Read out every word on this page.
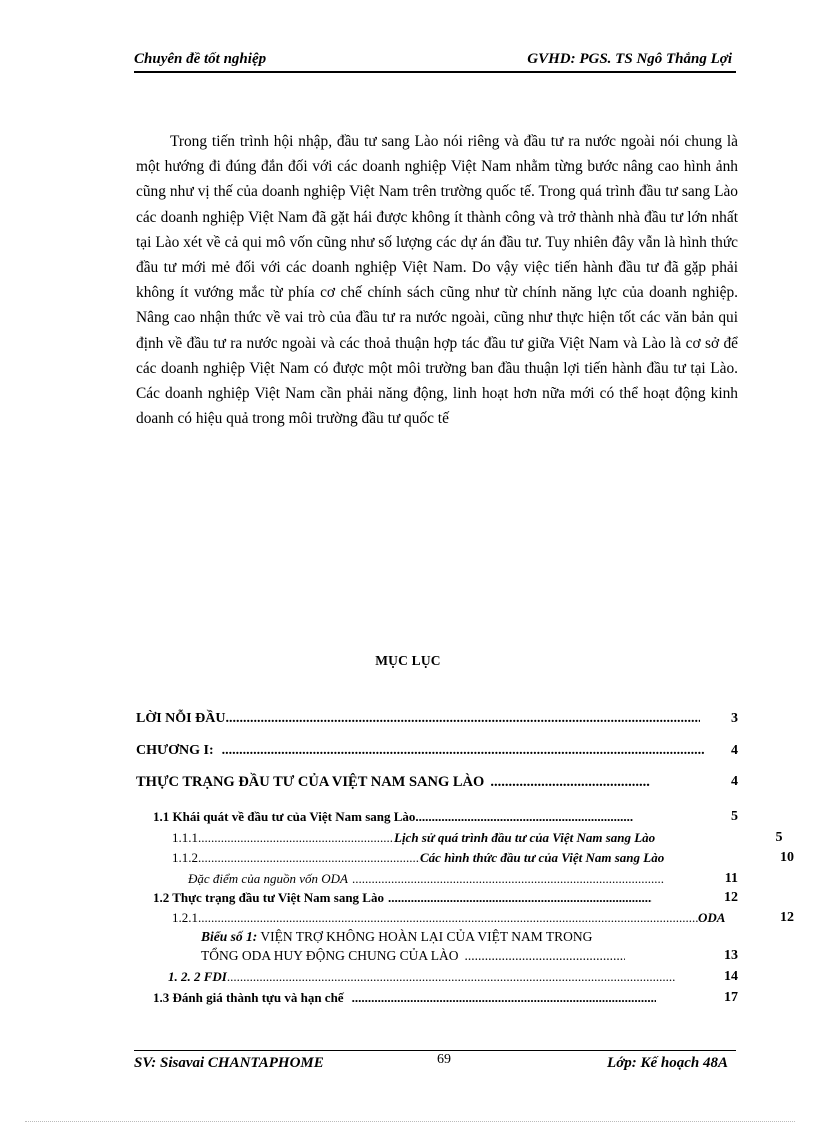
Chuyên đề tốt nghiệp	GVHD: PGS. TS Ngô Thắng Lợi

Trong tiến trình hội nhập, đầu tư sang Lào nói riêng và đầu tư ra nước ngoài nói chung là một hướng đi đúng đắn đối với các doanh nghiệp Việt Nam nhằm từng bước nâng cao hình ảnh cũng như vị thế của doanh nghiệp Việt Nam trên trường quốc tế. Trong quá trình đầu tư sang Lào các doanh nghiệp Việt Nam đã gặt hái được không ít thành công và trở thành nhà đầu tư lớn nhất tại Lào xét về cả qui mô vốn cũng như số lượng các dự án đầu tư. Tuy nhiên đây vẫn là hình thức đầu tư mới mẻ đối với các doanh nghiệp Việt Nam. Do vậy việc tiến hành đầu tư đã gặp phải không ít vướng mắc từ phía cơ chế chính sách cũng như từ chính năng lực của doanh nghiệp. Nâng cao nhận thức về vai trò của đầu tư ra nước ngoài, cũng như thực hiện tốt các văn bản qui định về đầu tư ra nước ngoài và các thoả thuận hợp tác đầu tư giữa Việt Nam và Lào là cơ sở để các doanh nghiệp Việt Nam có được một môi trường ban đầu thuận lợi tiến hành đầu tư tại Lào. Các doanh nghiệp Việt Nam cần phải năng động, linh hoạt hơn nữa mới có thể hoạt động kinh doanh có hiệu quả trong môi trường đầu tư quốc tế

MỤC LỤC
LỜI NỖI ĐẦU .....	3
CHƯƠNG I: .....	4
THỰC TRẠNG ĐẦU TƯ CỦA VIỆT NAM SANG LÀO .....	4
1.1 Khái quát về đầu tư của Việt Nam sang Lào .....	5
1.1.1 .....	Lịch sử quá trình đầu tư của Việt Nam sang Lào	5
1.1.2 .....	Các hình thức đầu tư của Việt Nam sang Lào	10
Đặc điểm của nguồn vốn ODA .....	11
1.2 Thực trạng đầu tư Việt Nam sang Lào .....	12
1.2.1 .....	ODA	12
Biểu số 1: VIỆN TRỢ KHÔNG HOÀN LẠI CỦA VIỆT NAM TRONG
TỔNG ODA HUY ĐỘNG CHUNG CỦA LÀO .....	13
1. 2. 2 FDI .....	14
1.3 Đánh giá thành tựu và hạn chế .....	17
SV: Sisavai CHANTAPHOME	69	Lớp: Kế hoạch 48A
